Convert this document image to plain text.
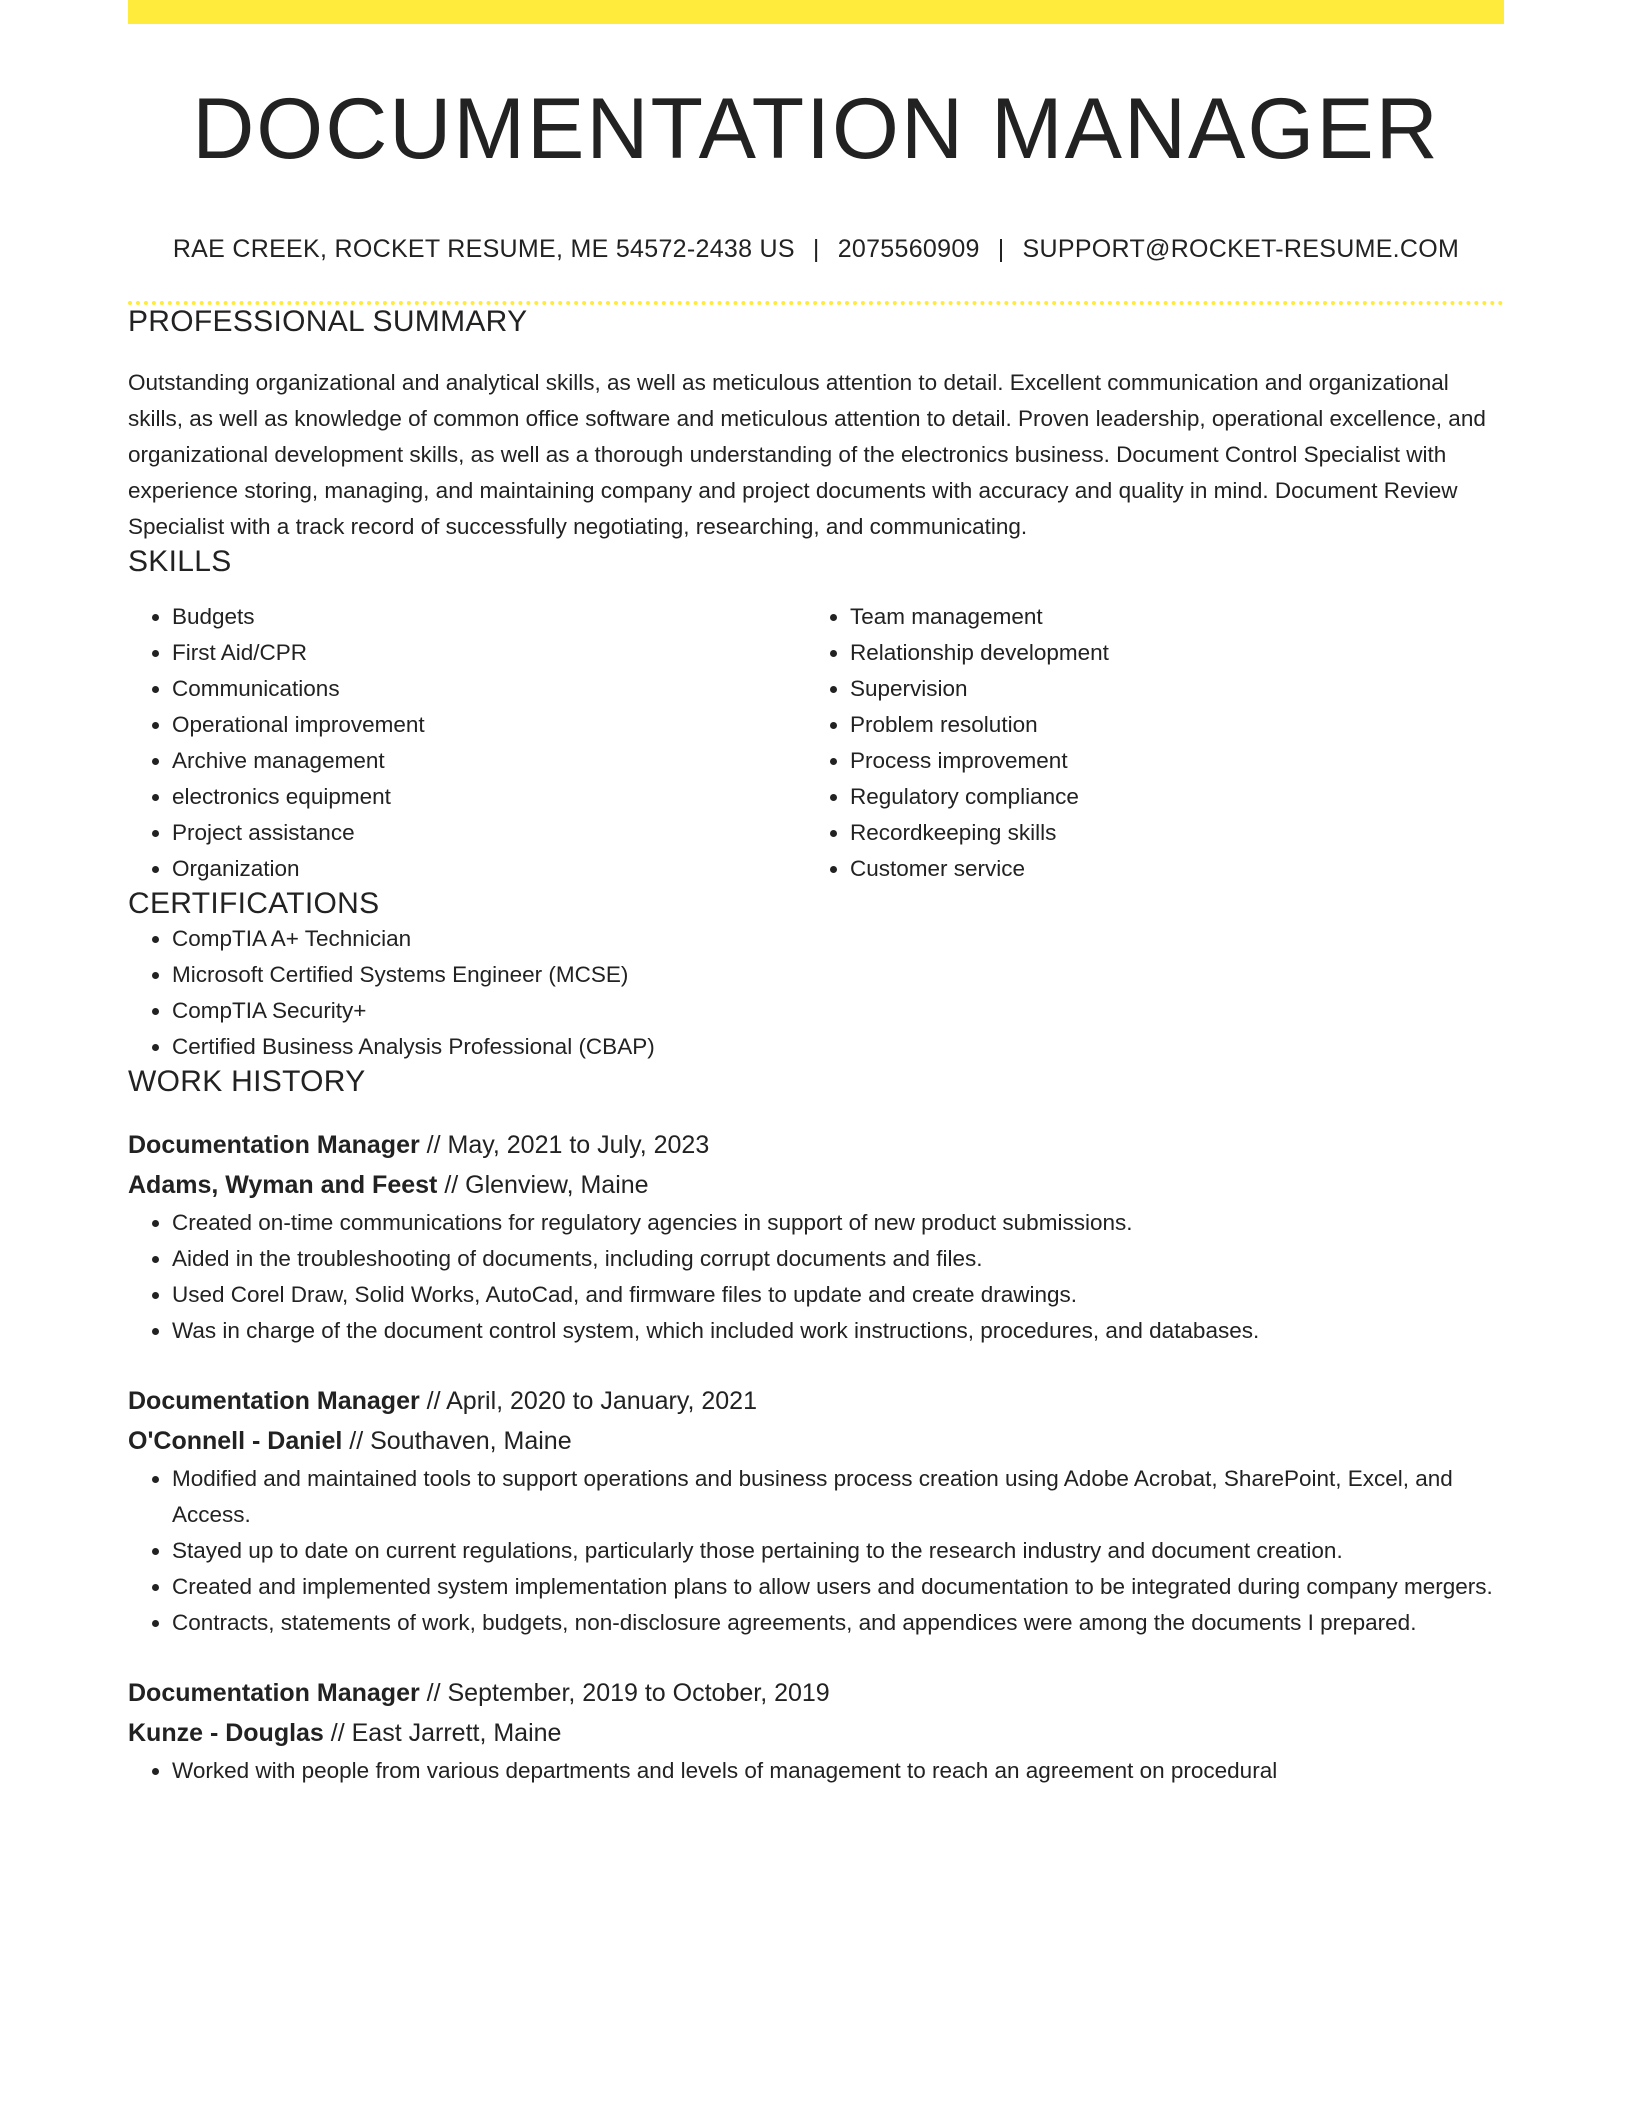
DOCUMENTATION MANAGER
RAE CREEK, ROCKET RESUME, ME 54572-2438 US | 2075560909 | SUPPORT@ROCKET-RESUME.COM
PROFESSIONAL SUMMARY

Outstanding organizational and analytical skills, as well as meticulous attention to detail. Excellent communication and organizational skills, as well as knowledge of common office software and meticulous attention to detail. Proven leadership, operational excellence, and organizational development skills, as well as a thorough understanding of the electronics business. Document Control Specialist with experience storing, managing, and maintaining company and project documents with accuracy and quality in mind. Document Review Specialist with a track record of successfully negotiating, researching, and communicating.

SKILLS
• Budgets
• First Aid/CPR
• Communications
• Operational improvement
• Archive management
• electronics equipment
• Project assistance
• Organization
• Team management
• Relationship development
• Supervision
• Problem resolution
• Process improvement
• Regulatory compliance
• Recordkeeping skills
• Customer service
CERTIFICATIONS
• CompTIA A+ Technician
• Microsoft Certified Systems Engineer (MCSE)
• CompTIA Security+
• Certified Business Analysis Professional (CBAP)
WORK HISTORY
Documentation Manager // May, 2021 to July, 2023
Adams, Wyman and Feest // Glenview, Maine
• Created on-time communications for regulatory agencies in support of new product submissions.
• Aided in the troubleshooting of documents, including corrupt documents and files.
• Used Corel Draw, Solid Works, AutoCad, and firmware files to update and create drawings.
• Was in charge of the document control system, which included work instructions, procedures, and databases.
Documentation Manager // April, 2020 to January, 2021
O'Connell - Daniel // Southaven, Maine
• Modified and maintained tools to support operations and business process creation using Adobe Acrobat, SharePoint, Excel, and Access.
• Stayed up to date on current regulations, particularly those pertaining to the research industry and document creation.
• Created and implemented system implementation plans to allow users and documentation to be integrated during company mergers.
• Contracts, statements of work, budgets, non-disclosure agreements, and appendices were among the documents I prepared.
Documentation Manager // September, 2019 to October, 2019
Kunze - Douglas // East Jarrett, Maine
• Worked with people from various departments and levels of management to reach an agreement on procedural
